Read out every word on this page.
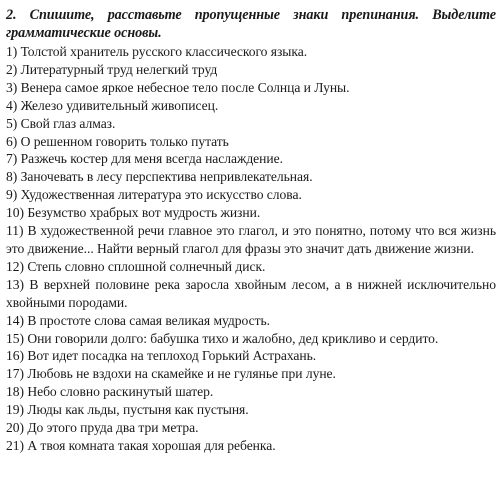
2. Спишите, расставьте пропущенные знаки препинания. Выделите грамматические основы.

1) Толстой хранитель русского классического языка.
2) Литературный труд нелегкий труд
3) Венера самое яркое небесное тело после Солнца и Луны.
4) Железо удивительный живописец.
5) Свой глаз алмаз.
6) О решенном говорить только путать
7) Разжечь костер для меня всегда наслаждение.
8) Заночевать в лесу перспектива непривлекательная.
9) Художественная литература это искусство слова.
10) Безумство храбрых вот мудрость жизни.
11) В художественной речи главное это глагол, и это понятно, потому что вся жизнь это движение... Найти верный глагол для фразы это значит дать движение жизни.
12) Степь словно сплошной солнечный диск.
13) В верхней половине река заросла хвойным лесом, а в нижней исключительно хвойными породами.
14) В простоте слова самая великая мудрость.
15) Они говорили долго: бабушка тихо и жалобно, дед крикливо и сердито.
16) Вот идет посадка на теплоход Горький Астрахань.
17) Любовь не вздохи на скамейке и не гулянье при луне.
18) Небо словно раскинутый шатер.
19) Люды как льды, пустыня как пустыня.
20) До этого пруда два три метра.
21) А твоя комната такая хорошая для ребенка.
